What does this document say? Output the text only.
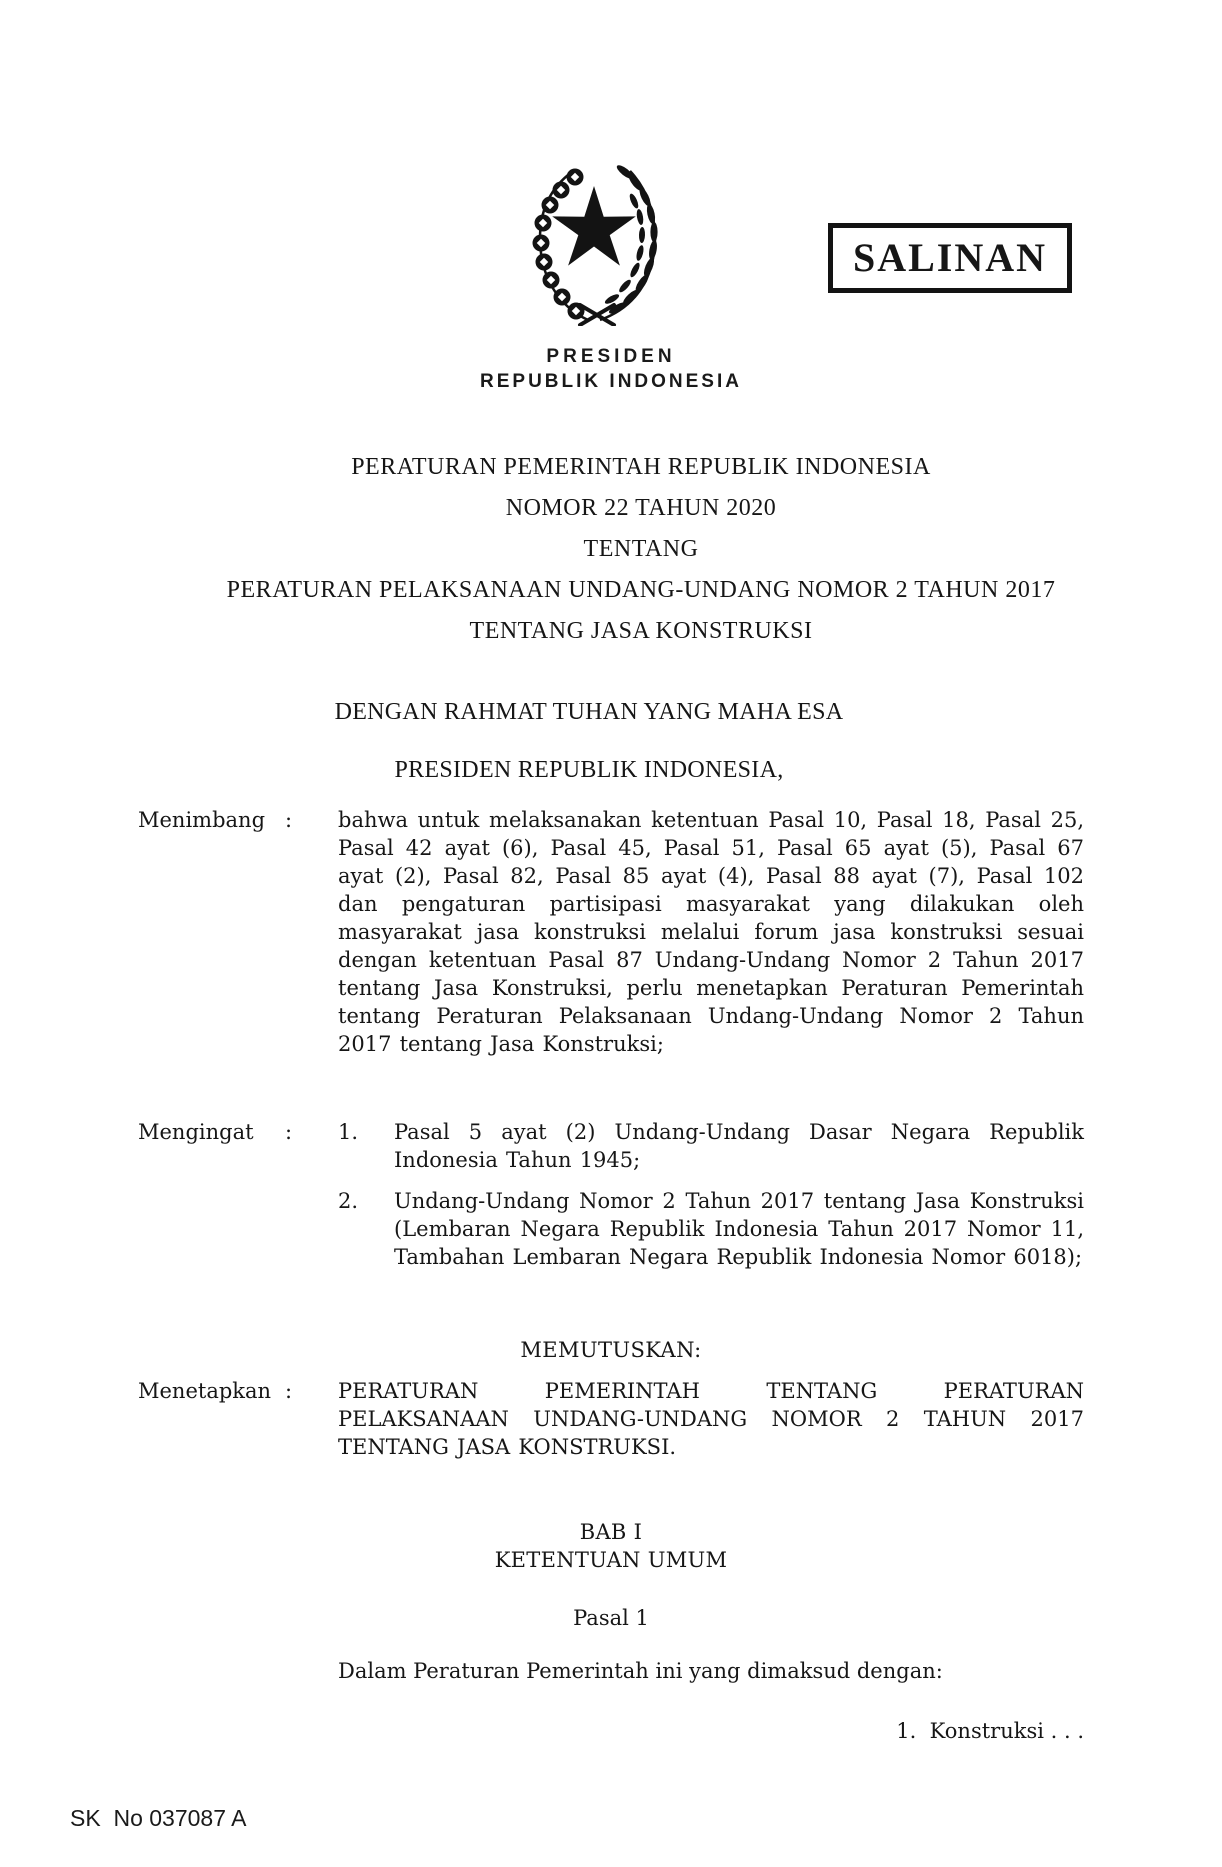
SALINAN
PRESIDEN
REPUBLIK INDONESIA
PERATURAN PEMERINTAH REPUBLIK INDONESIA
NOMOR 22 TAHUN 2020
TENTANG
PERATURAN PELAKSANAAN UNDANG-UNDANG NOMOR 2 TAHUN 2017
TENTANG JASA KONSTRUKSI
DENGAN RAHMAT TUHAN YANG MAHA ESA
PRESIDEN REPUBLIK INDONESIA,
Menimbang :	bahwa untuk melaksanakan ketentuan Pasal 10, Pasal 18, Pasal 25, Pasal 42 ayat (6), Pasal 45, Pasal 51, Pasal 65 ayat (5), Pasal 67 ayat (2), Pasal 82, Pasal 85 ayat (4), Pasal 88 ayat (7), Pasal 102 dan pengaturan partisipasi masyarakat yang dilakukan oleh masyarakat jasa konstruksi melalui forum jasa konstruksi sesuai dengan ketentuan Pasal 87 Undang-Undang Nomor 2 Tahun 2017 tentang Jasa Konstruksi, perlu menetapkan Peraturan Pemerintah tentang Peraturan Pelaksanaan Undang-Undang Nomor 2 Tahun 2017 tentang Jasa Konstruksi;
Mengingat	:	1.	Pasal 5 ayat (2) Undang-Undang Dasar Negara Republik Indonesia Tahun 1945;
2.	Undang-Undang Nomor 2 Tahun 2017 tentang Jasa Konstruksi (Lembaran Negara Republik Indonesia Tahun 2017 Nomor 11, Tambahan Lembaran Negara Republik Indonesia Nomor 6018);
MEMUTUSKAN:
Menetapkan :	PERATURAN PEMERINTAH TENTANG PERATURAN PELAKSANAAN UNDANG-UNDANG NOMOR 2 TAHUN 2017 TENTANG JASA KONSTRUKSI.
BAB I
KETENTUAN UMUM
Pasal 1
Dalam Peraturan Pemerintah ini yang dimaksud dengan:
1.  Konstruksi . . .
SK  No 037087 A
